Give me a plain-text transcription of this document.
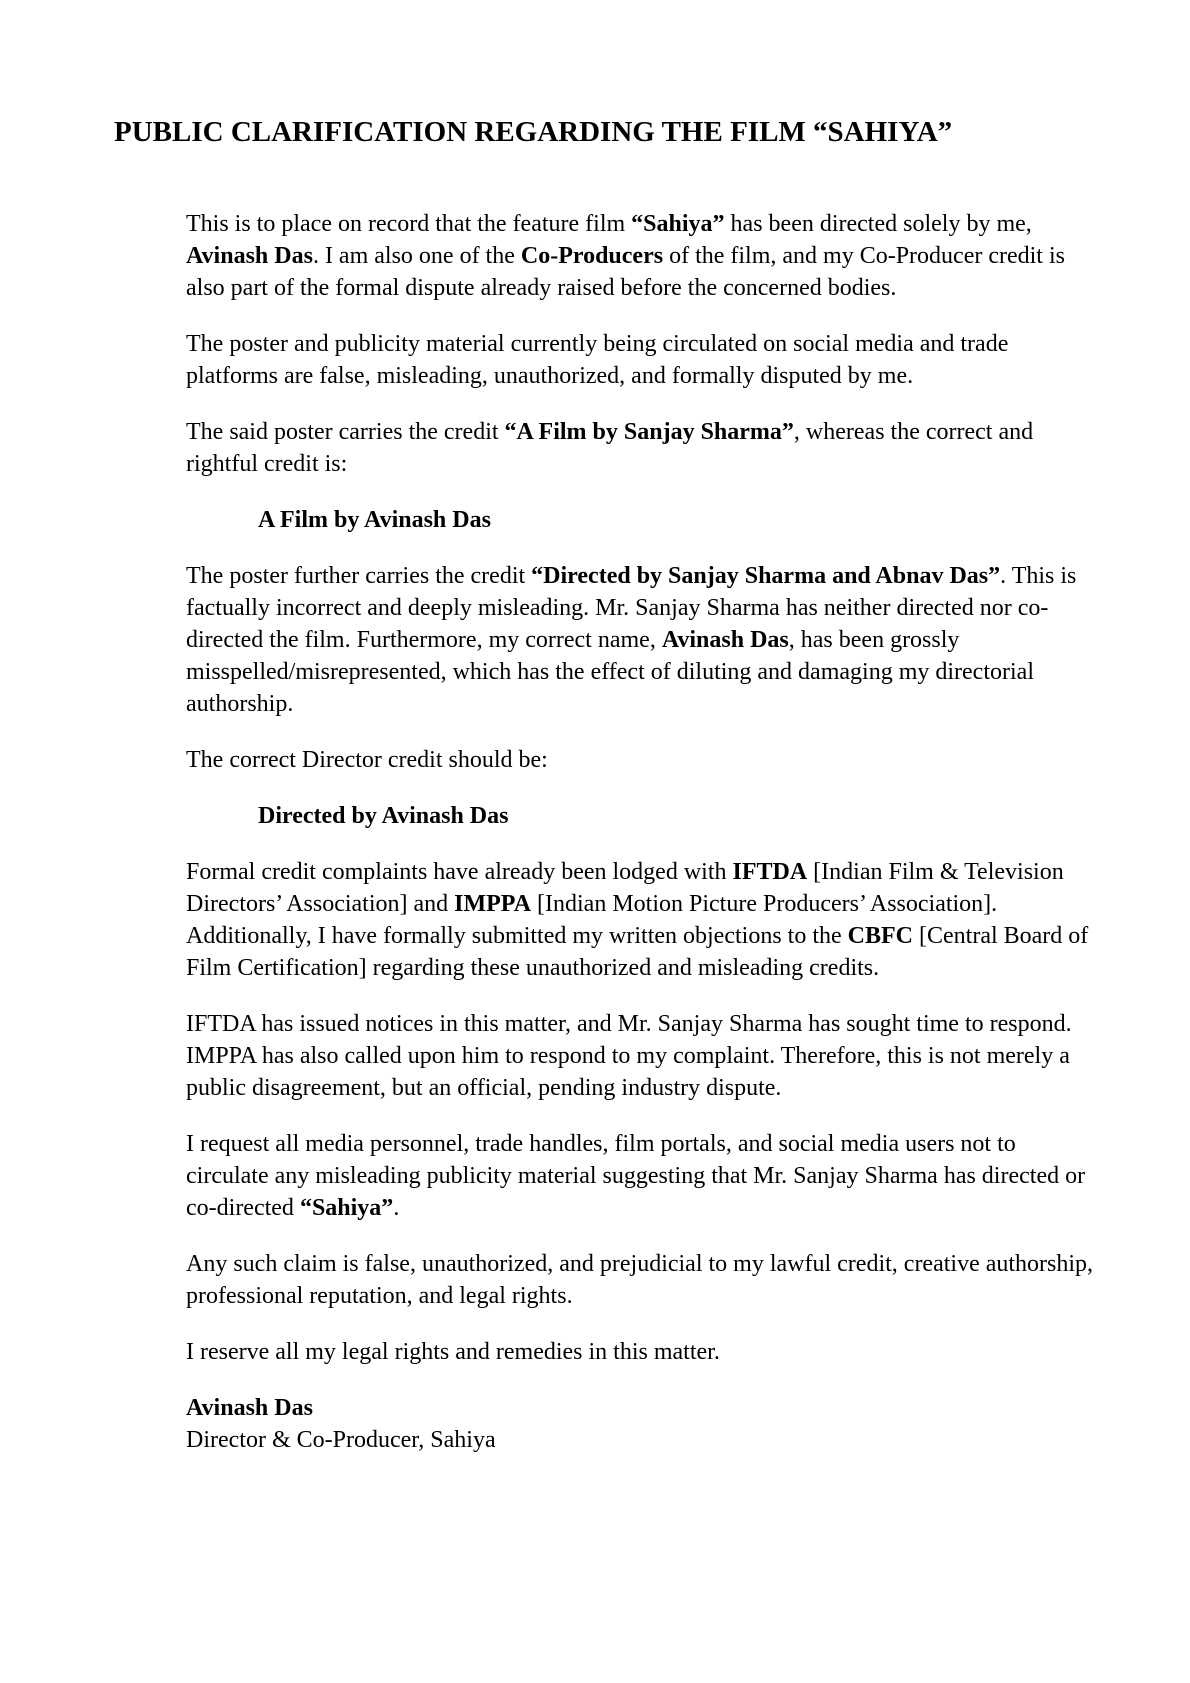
PUBLIC CLARIFICATION REGARDING THE FILM “SAHIYA”

This is to place on record that the feature film “Sahiya” has been directed solely by me, Avinash Das. I am also one of the Co-Producers of the film, and my Co-Producer credit is also part of the formal dispute already raised before the concerned bodies.

The poster and publicity material currently being circulated on social media and trade platforms are false, misleading, unauthorized, and formally disputed by me.

The said poster carries the credit “A Film by Sanjay Sharma”, whereas the correct and rightful credit is:

A Film by Avinash Das

The poster further carries the credit “Directed by Sanjay Sharma and Abnav Das”. This is factually incorrect and deeply misleading. Mr. Sanjay Sharma has neither directed nor co-directed the film. Furthermore, my correct name, Avinash Das, has been grossly misspelled/misrepresented, which has the effect of diluting and damaging my directorial authorship.

The correct Director credit should be:

Directed by Avinash Das

Formal credit complaints have already been lodged with IFTDA [Indian Film & Television Directors’ Association] and IMPPA [Indian Motion Picture Producers’ Association]. Additionally, I have formally submitted my written objections to the CBFC [Central Board of Film Certification] regarding these unauthorized and misleading credits.

IFTDA has issued notices in this matter, and Mr. Sanjay Sharma has sought time to respond. IMPPA has also called upon him to respond to my complaint. Therefore, this is not merely a public disagreement, but an official, pending industry dispute.

I request all media personnel, trade handles, film portals, and social media users not to circulate any misleading publicity material suggesting that Mr. Sanjay Sharma has directed or co-directed “Sahiya”.

Any such claim is false, unauthorized, and prejudicial to my lawful credit, creative authorship, professional reputation, and legal rights.

I reserve all my legal rights and remedies in this matter.

Avinash Das
Director & Co-Producer, Sahiya
